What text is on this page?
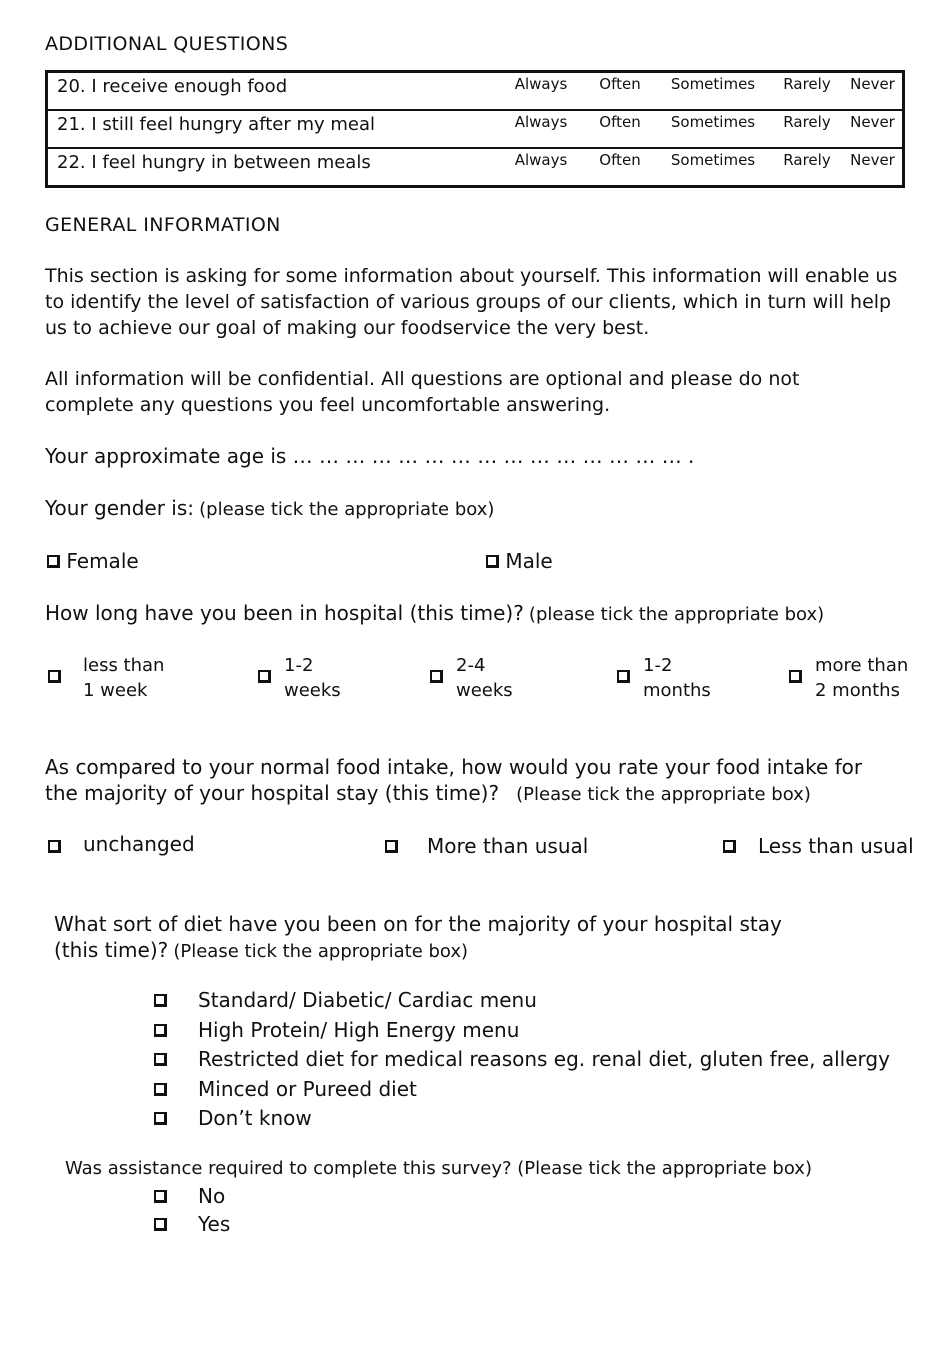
ADDITIONAL QUESTIONS
20. I receive enough food	Always	Often	Sometimes	Rarely	Never
21. I still feel hungry after my meal	Always	Often	Sometimes	Rarely	Never
22. I feel hungry in between meals	Always	Often	Sometimes	Rarely	Never
GENERAL INFORMATION
This section is asking for some information about yourself. This information will enable us to identify the level of satisfaction of various groups of our clients, which in turn will help us to achieve our goal of making our foodservice the very best.
All information will be confidential. All questions are optional and please do not complete any questions you feel uncomfortable answering.
Your approximate age is … … … … … … … … … … … … … … … .
Your gender is: (please tick the appropriate box)
Female	Male
How long have you been in hospital (this time)? (please tick the appropriate box)
less than
1 week
1-2
weeks
2-4
weeks
1-2
months
more than
2 months
As compared to your normal food intake, how would you rate your food intake for
the majority of your hospital stay (this time)? (Please tick the appropriate box)
unchanged	More than usual	Less than usual
What sort of diet have you been on for the majority of your hospital stay
(this time)? (Please tick the appropriate box)
Standard/ Diabetic/ Cardiac menu
High Protein/ High Energy menu
Restricted diet for medical reasons eg. renal diet, gluten free, allergy
Minced or Pureed diet
Don’t know
Was assistance required to complete this survey? (Please tick the appropriate box)
No
Yes
